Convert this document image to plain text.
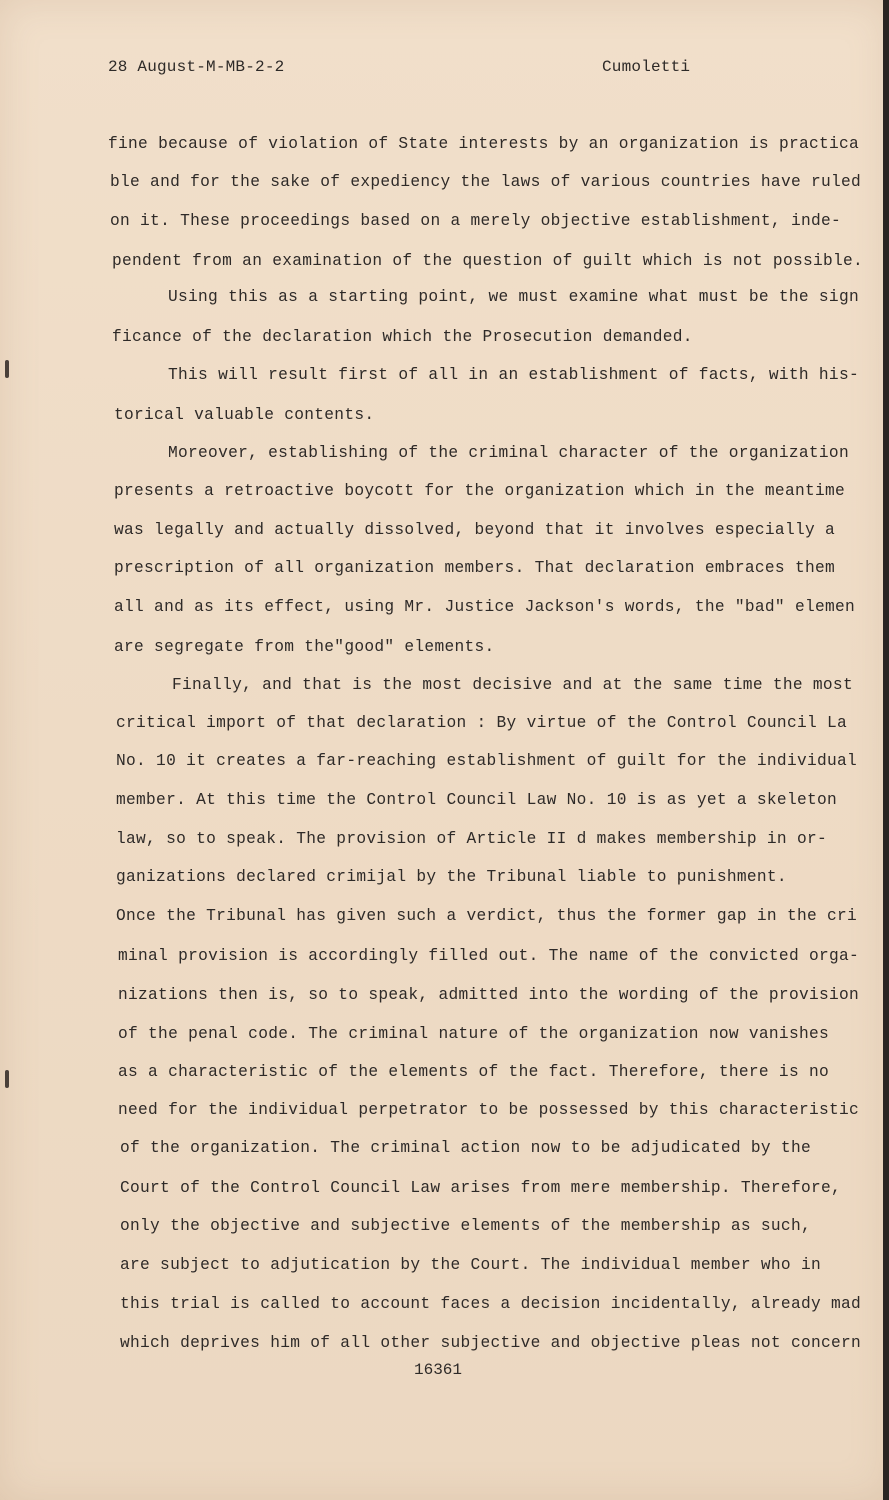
28 August-M-MB-2-2	Cumoletti
fine because of violation of State interests by an organization is practica
ble and for the sake of expediency the laws of various countries have ruled
on it. These proceedings based on a merely objective establishment, inde-
pendent from an examination of the question of guilt which is not possible.
Using this as a starting point, we must examine what must be the sign
ficance of the declaration which the Prosecution demanded.
This will result first of all in an establishment of facts, with his-
torical valuable contents.
Moreover, establishing of the criminal character of the organization
presents a retroactive boycott for the organization which in the meantime
was legally and actually dissolved, beyond that it involves especially a
prescription of all organization members. That declaration embraces them
all and as its effect, using Mr. Justice Jackson's words, the "bad" elemen
are segregate from the"good" elements.
Finally, and that is the most decisive and at the same time the most
critical import of that declaration : By virtue of the Control Council La
No. 10 it creates a far-reaching establishment of guilt for the individual
member. At this time the Control Council Law No. 10 is as yet a skeleton
law, so to speak. The provision of Article II d makes membership in or-
ganizations declared crimijal by the Tribunal liable to punishment.
Once the Tribunal has given such a verdict, thus the former gap in the cri
minal provision is accordingly filled out. The name of the convicted orga-
nizations then is, so to speak, admitted into the wording of the provision
of the penal code. The criminal nature of the organization now vanishes
as a characteristic of the elements of the fact. Therefore, there is no
need for the individual perpetrator to be possessed by this characteristic
of the organization. The criminal action now to be adjudicated by the
Court of the Control Council Law arises from mere membership. Therefore,
only the objective and subjective elements of the membership as such,
are subject to adjutication by the Court. The individual member who in
this trial is called to account faces a decision incidentally, already mad
which deprives him of all other subjective and objective pleas not concern
16361
